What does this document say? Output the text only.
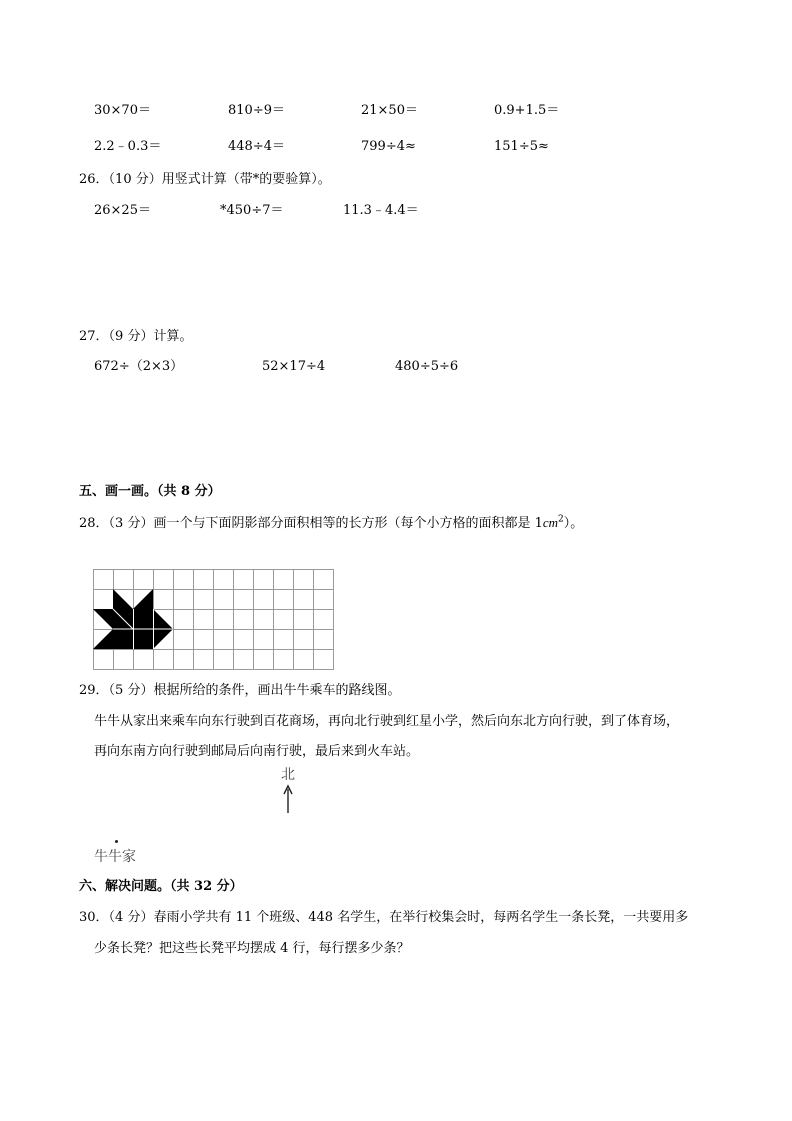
30×70＝	810÷9＝	21×50＝	0.9+1.5＝
2.2﹣0.3＝	448÷4＝	799÷4≈	151÷5≈
26．（10 分）用竖式计算（带*的要验算）。
26×25＝	*450÷7＝	11.3﹣4.4＝
27．（9 分）计算。
672÷（2×3）	52×17÷4	480÷5÷6
五、画一画。（共 8 分）
28．（3 分）画一个与下面阴影部分面积相等的长方形（每个小方格的面积都是 $1cm^2$）。
29．（5 分）根据所给的条件，画出牛牛乘车的路线图。
牛牛从家出来乘车向东行驶到百花商场，再向北行驶到红星小学，然后向东北方向行驶，到了体育场，
再向东南方向行驶到邮局后向南行驶，最后来到火车站。
北
牛牛家
六、解决问题。（共 32 分）
30．（4 分）春雨小学共有 11 个班级、448 名学生，在举行校集会时，每两名学生一条长凳，一共要用多
少条长凳？把这些长凳平均摆成 4 行，每行摆多少条？
